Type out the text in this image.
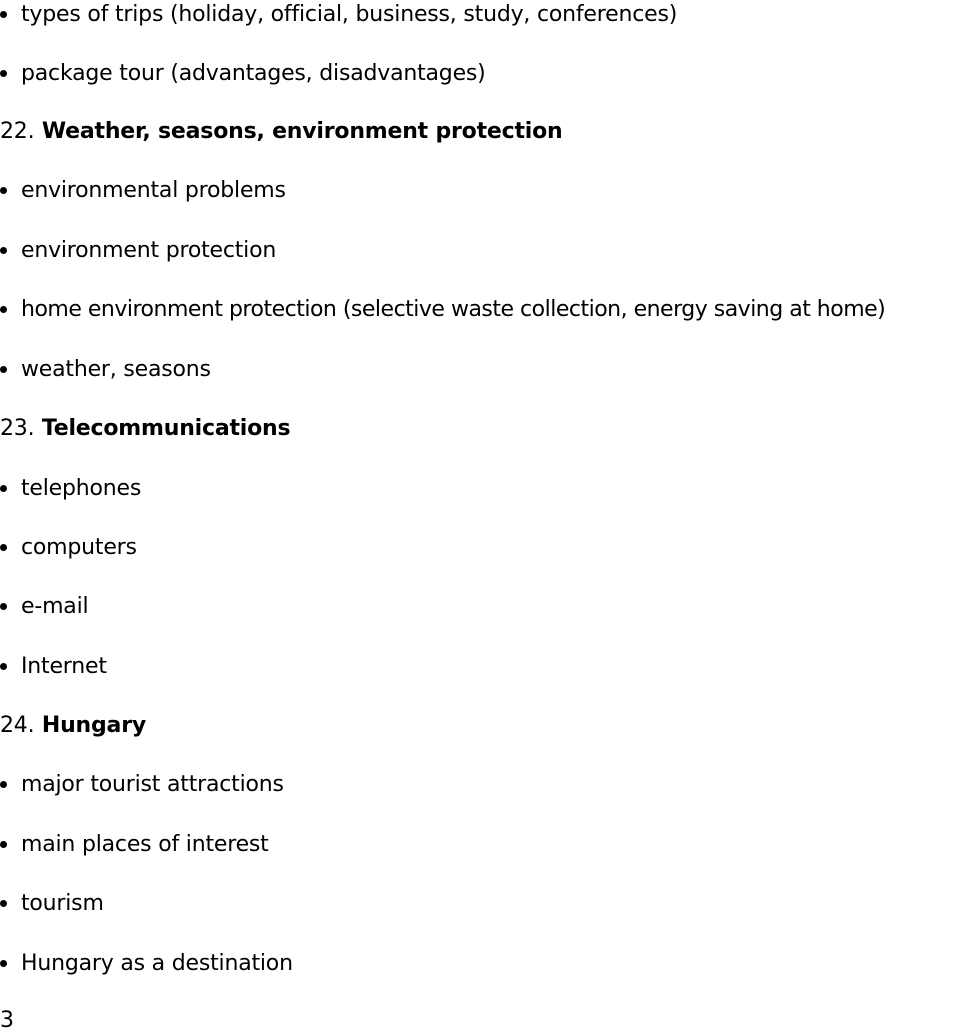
types of trips (holiday, official, business, study, conferences)
package tour (advantages, disadvantages)
22. Weather, seasons, environment protection
environmental problems
environment protection
home environment protection (selective waste collection, energy saving at home)
weather, seasons
23. Telecommunications
telephones
computers
e-mail
Internet
24. Hungary
major tourist attractions
main places of interest
tourism
Hungary as a destination
3
